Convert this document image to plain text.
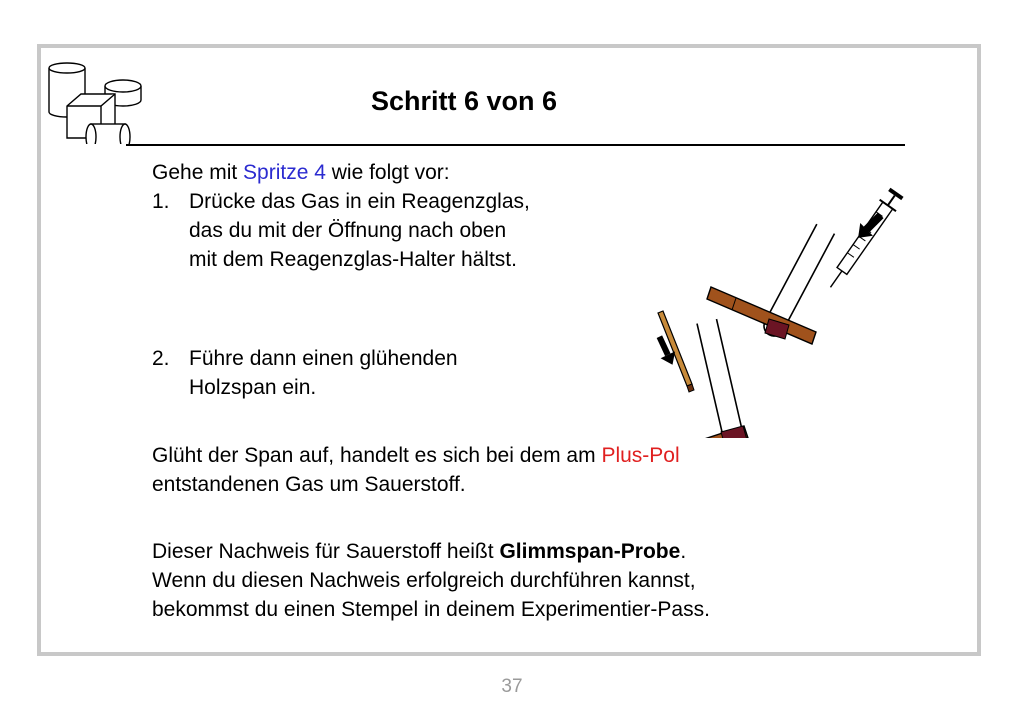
Schritt 6 von 6
Gehe mit Spritze 4 wie folgt vor:
1. Drücke das Gas in ein Reagenzglas,
das du mit der Öffnung nach oben
mit dem Reagenzglas-Halter hältst.
2. Führe dann einen glühenden
Holzspan ein.
Glüht der Span auf, handelt es sich bei dem am Plus-Pol
entstandenen Gas um Sauerstoff.
Dieser Nachweis für Sauerstoff heißt Glimmspan-Probe.
Wenn du diesen Nachweis erfolgreich durchführen kannst,
bekommst du einen Stempel in deinem Experimentier-Pass.
37
